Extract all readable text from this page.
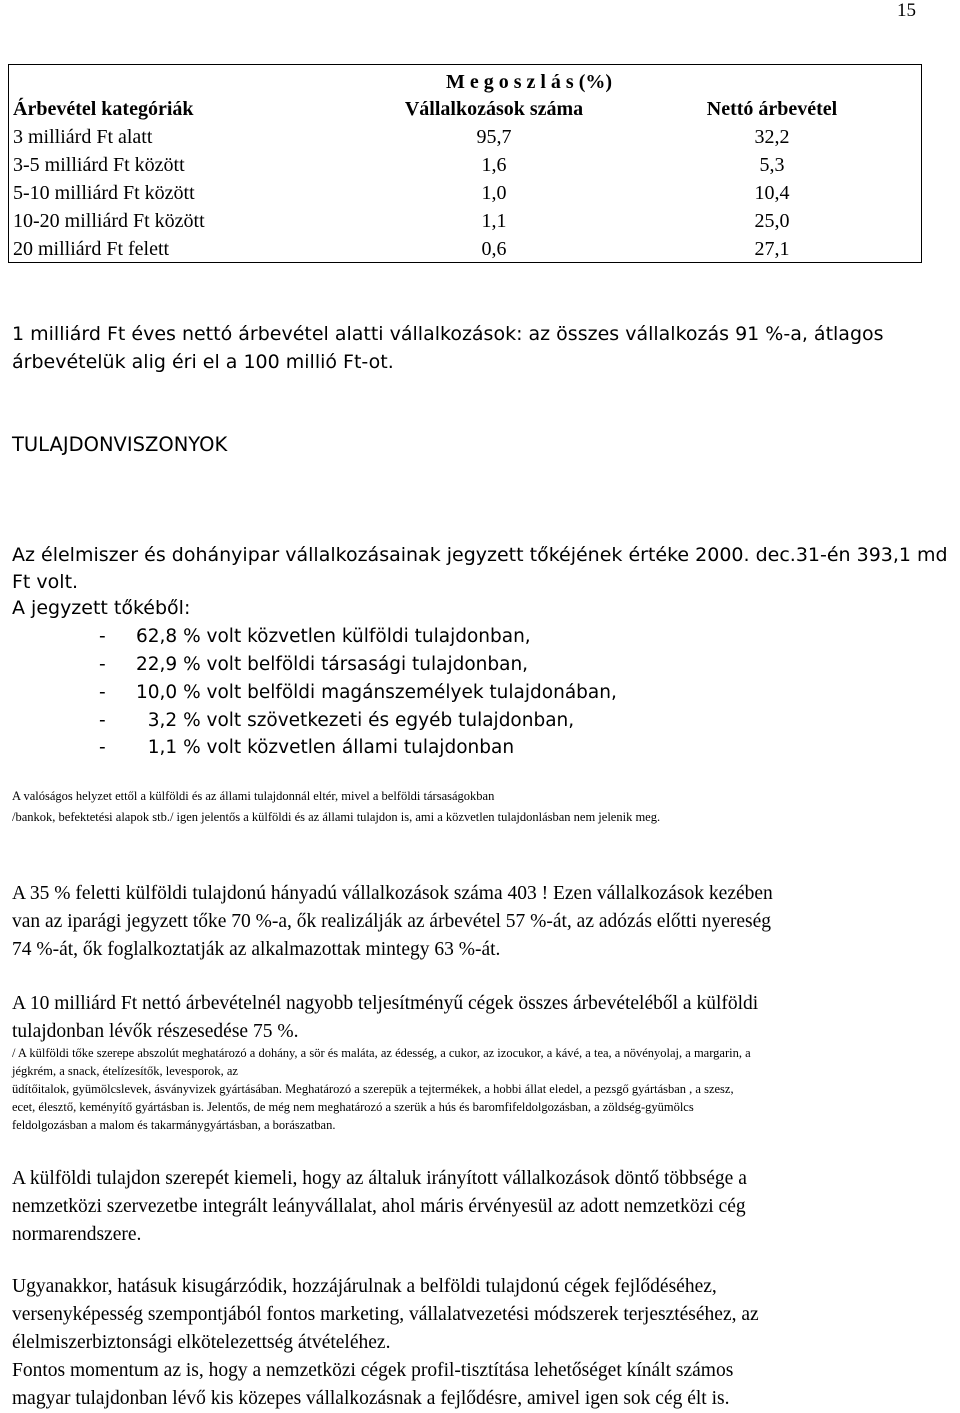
15
M e g o s z l á s (%)
Árbevétel kategóriák	Vállalkozások száma	Nettó árbevétel
3 milliárd Ft alatt	95,7	32,2
3-5 milliárd Ft között	1,6	5,3
5-10 milliárd Ft között	1,0	10,4
10-20 milliárd Ft között	1,1	25,0
20 milliárd Ft felett	0,6	27,1
1 milliárd Ft éves nettó árbevétel alatti vállalkozások: az összes vállalkozás 91 %-a, átlagos
árbevételük alig éri el a 100 millió Ft-ot.
TULAJDONVISZONYOK
Az élelmiszer és dohányipar vállalkozásainak jegyzett tőkéjének értéke 2000. dec.31-én 393,1 md
Ft volt.
A jegyzett tőkéből:
- 62,8 % volt közvetlen külföldi tulajdonban,
- 22,9 % volt belföldi társasági tulajdonban,
- 10,0 % volt belföldi magánszemélyek tulajdonában,
- 3,2 % volt szövetkezeti és egyéb tulajdonban,
- 1,1 % volt közvetlen állami tulajdonban
A valóságos helyzet ettől a külföldi és az állami tulajdonnál eltér, mivel a belföldi társaságokban
/bankok, befektetési alapok stb./ igen jelentős a külföldi és az állami tulajdon is, ami a közvetlen tulajdonlásban nem jelenik meg.
A 35 % feletti külföldi tulajdonú hányadú vállalkozások száma 403 ! Ezen vállalkozások kezében
van az iparági jegyzett tőke 70 %-a, ők realizálják az árbevétel 57 %-át, az adózás előtti nyereség
74 %-át, ők foglalkoztatják az alkalmazottak mintegy 63 %-át.
A 10 milliárd Ft nettó árbevételnél nagyobb teljesítményű cégek összes árbevételéből a külföldi
tulajdonban lévők részesedése 75 %.
/ A külföldi tőke szerepe abszolút meghatározó a dohány, a sör és maláta, az édesség, a cukor, az izocukor, a kávé, a tea, a növényolaj, a margarin, a
jégkrém, a snack, ételízesítők, levesporok, az
üdítőitalok, gyümölcslevek, ásványvizek gyártásában. Meghatározó a szerepük a tejtermékek, a hobbi állat eledel, a pezsgő gyártásban , a szesz,
ecet, élesztő, keményítő gyártásban is. Jelentős, de még nem meghatározó a szerük a hús és baromfifeldolgozásban, a zöldség-gyümölcs
feldolgozásban a malom és takarmánygyártásban, a borászatban.
A külföldi tulajdon szerepét kiemeli, hogy az általuk irányított vállalkozások döntő többsége a
nemzetközi szervezetbe integrált leányvállalat, ahol máris érvényesül az adott nemzetközi cég
normarendszere.
Ugyanakkor, hatásuk kisugárzódik, hozzájárulnak a belföldi tulajdonú cégek fejlődéséhez,
versenyképesség szempontjából fontos marketing, vállalatvezetési módszerek terjesztéséhez, az
élelmiszerbiztonsági elkötelezettség átvételéhez.
Fontos momentum az is, hogy a nemzetközi cégek profil-tisztítása lehetőséget kínált számos
magyar tulajdonban lévő kis közepes vállalkozásnak a fejlődésre, amivel igen sok cég élt is.
